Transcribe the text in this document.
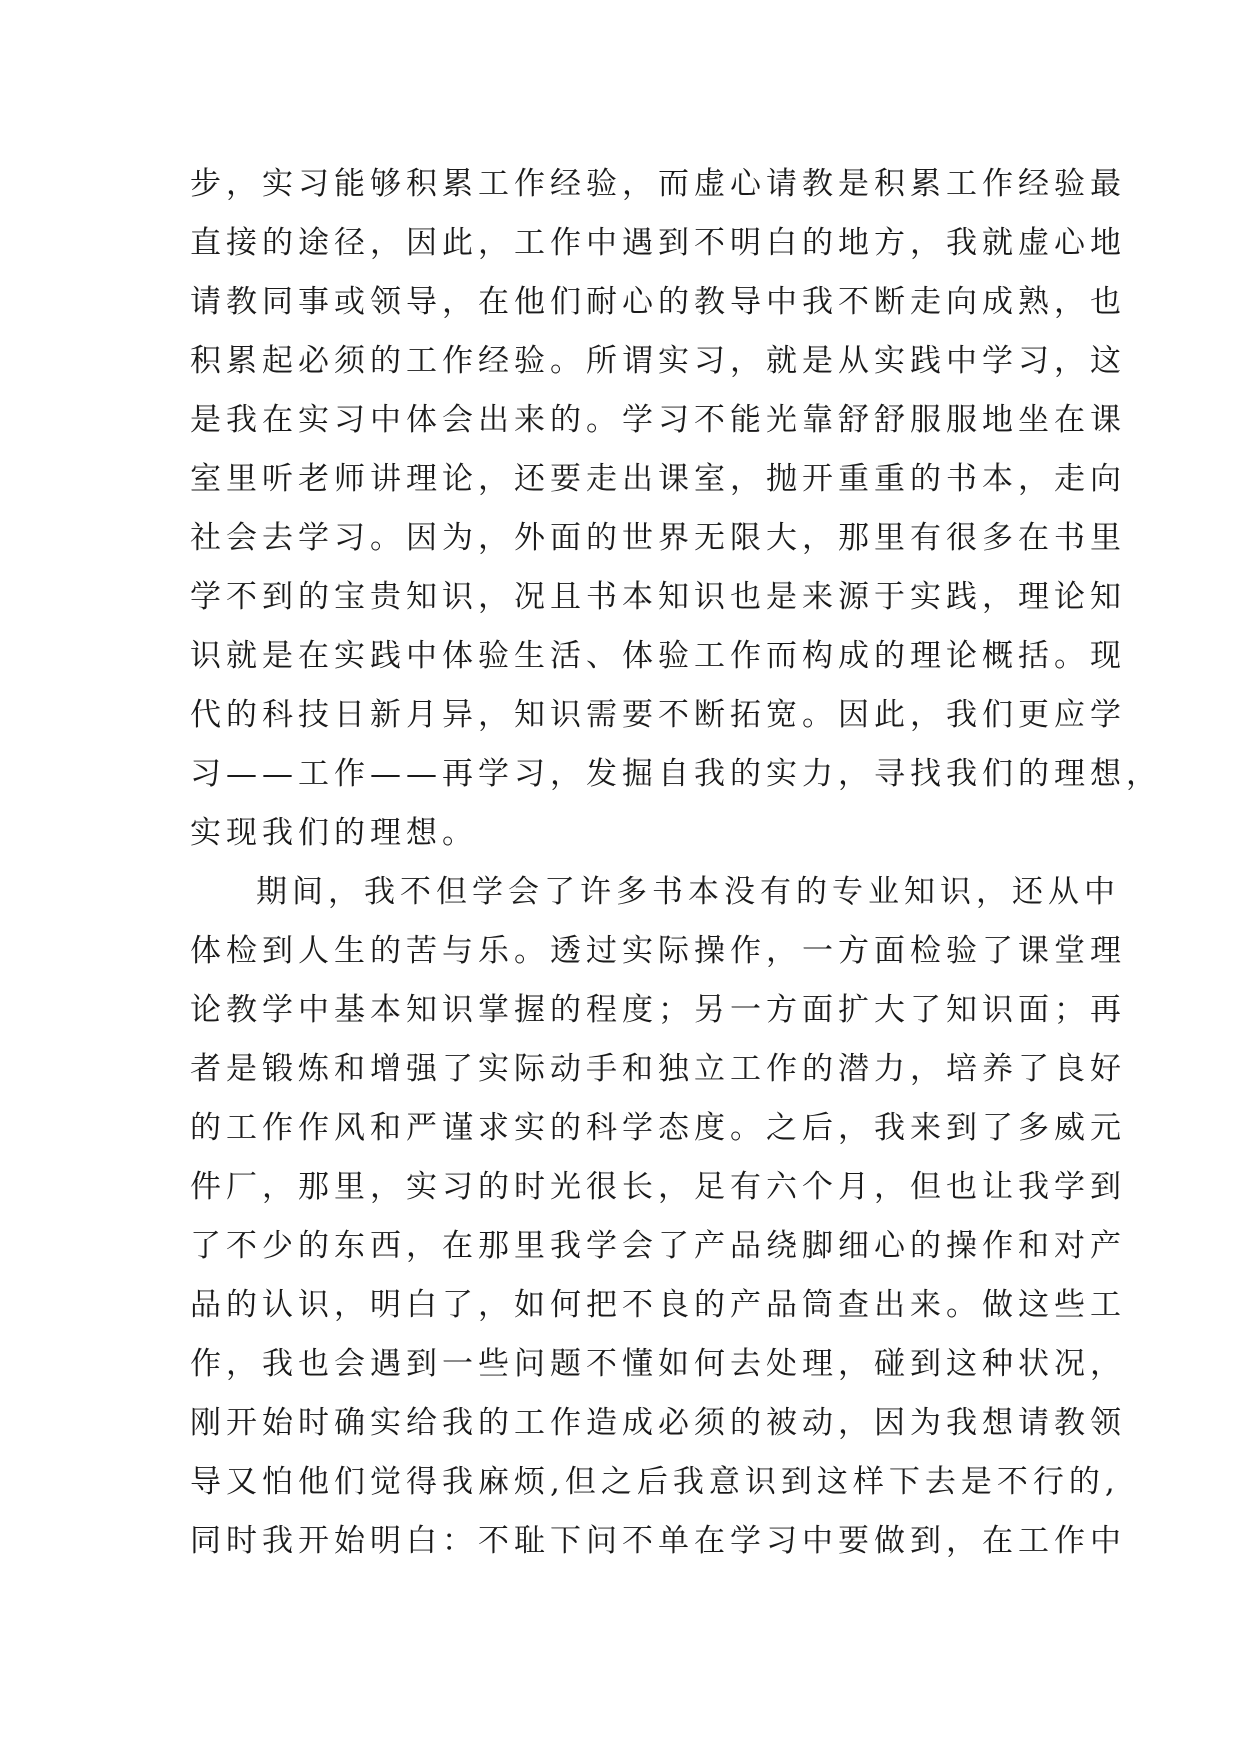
步，实习能够积累工作经验，而虚心请教是积累工作经验最
直接的途径，因此，工作中遇到不明白的地方，我就虚心地
请教同事或领导，在他们耐心的教导中我不断走向成熟，也
积累起必须的工作经验。所谓实习，就是从实践中学习，这
是我在实习中体会出来的。学习不能光靠舒舒服服地坐在课
室里听老师讲理论，还要走出课室，抛开重重的书本，走向
社会去学习。因为，外面的世界无限大，那里有很多在书里
学不到的宝贵知识，况且书本知识也是来源于实践，理论知
识就是在实践中体验生活、体验工作而构成的理论概括。现
代的科技日新月异，知识需要不断拓宽。因此，我们更应学
习——工作——再学习，发掘自我的实力，寻找我们的理想，
实现我们的理想。
期间，我不但学会了许多书本没有的专业知识，还从中
体检到人生的苦与乐。透过实际操作，一方面检验了课堂理
论教学中基本知识掌握的程度；另一方面扩大了知识面；再
者是锻炼和增强了实际动手和独立工作的潜力，培养了良好
的工作作风和严谨求实的科学态度。之后，我来到了多威元
件厂，那里，实习的时光很长，足有六个月，但也让我学到
了不少的东西，在那里我学会了产品绕脚细心的操作和对产
品的认识，明白了，如何把不良的产品筒查出来。做这些工
作，我也会遇到一些问题不懂如何去处理，碰到这种状况，
刚开始时确实给我的工作造成必须的被动，因为我想请教领
导又怕他们觉得我麻烦,但之后我意识到这样下去是不行的,
同时我开始明白：不耻下问不单在学习中要做到，在工作中
